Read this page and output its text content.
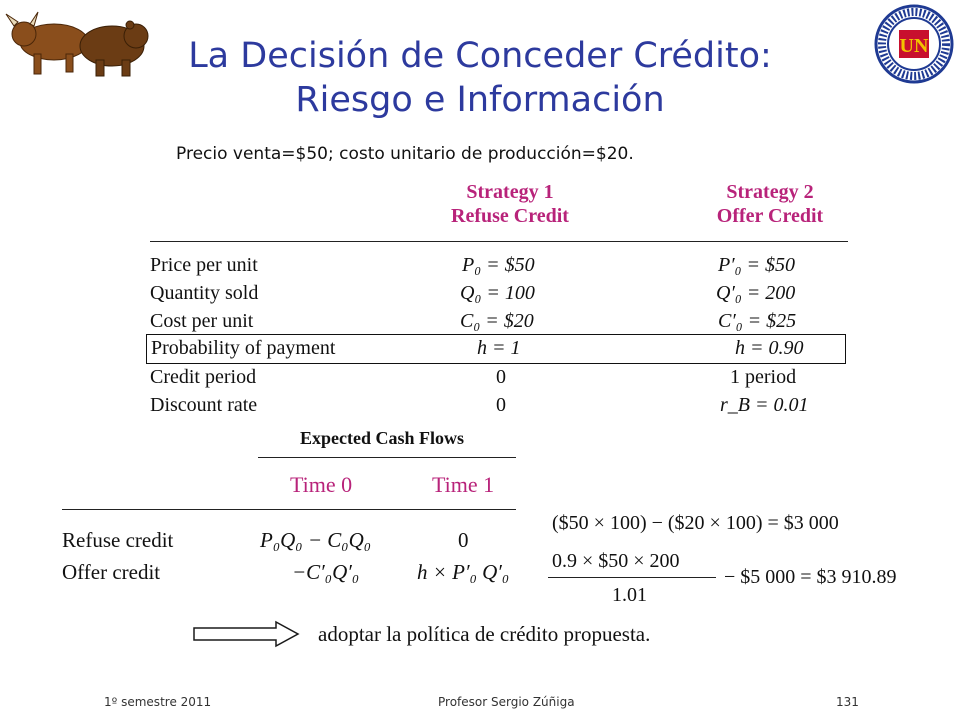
UN
La Decisión de Conceder Crédito:
Riesgo e Información
Precio venta=$50; costo unitario de producción=$20.
Strategy 1
Refuse Credit
Strategy 2
Offer Credit
Price per unit	P₀ = $50	P′₀ = $50
Quantity sold	Q₀ = 100	Q′₀ = 200
Cost per unit	C₀ = $20	C′₀ = $25
Probability of payment	h = 1	h = 0.90
Credit period	0	1 period
Discount rate	0	r_B = 0.01
Expected Cash Flows
Time 0	Time 1
Refuse credit	P₀Q₀ − C₀Q₀	0
Offer credit	−C′₀Q′₀	h × P′₀ Q′₀
($50 × 100) − ($20 × 100) = $3 000
0.9 × $50 × 200
1.01
− $5 000 = $3 910.89
adoptar la política de crédito propuesta.
1º semestre 2011	Profesor Sergio Zúñiga	131
